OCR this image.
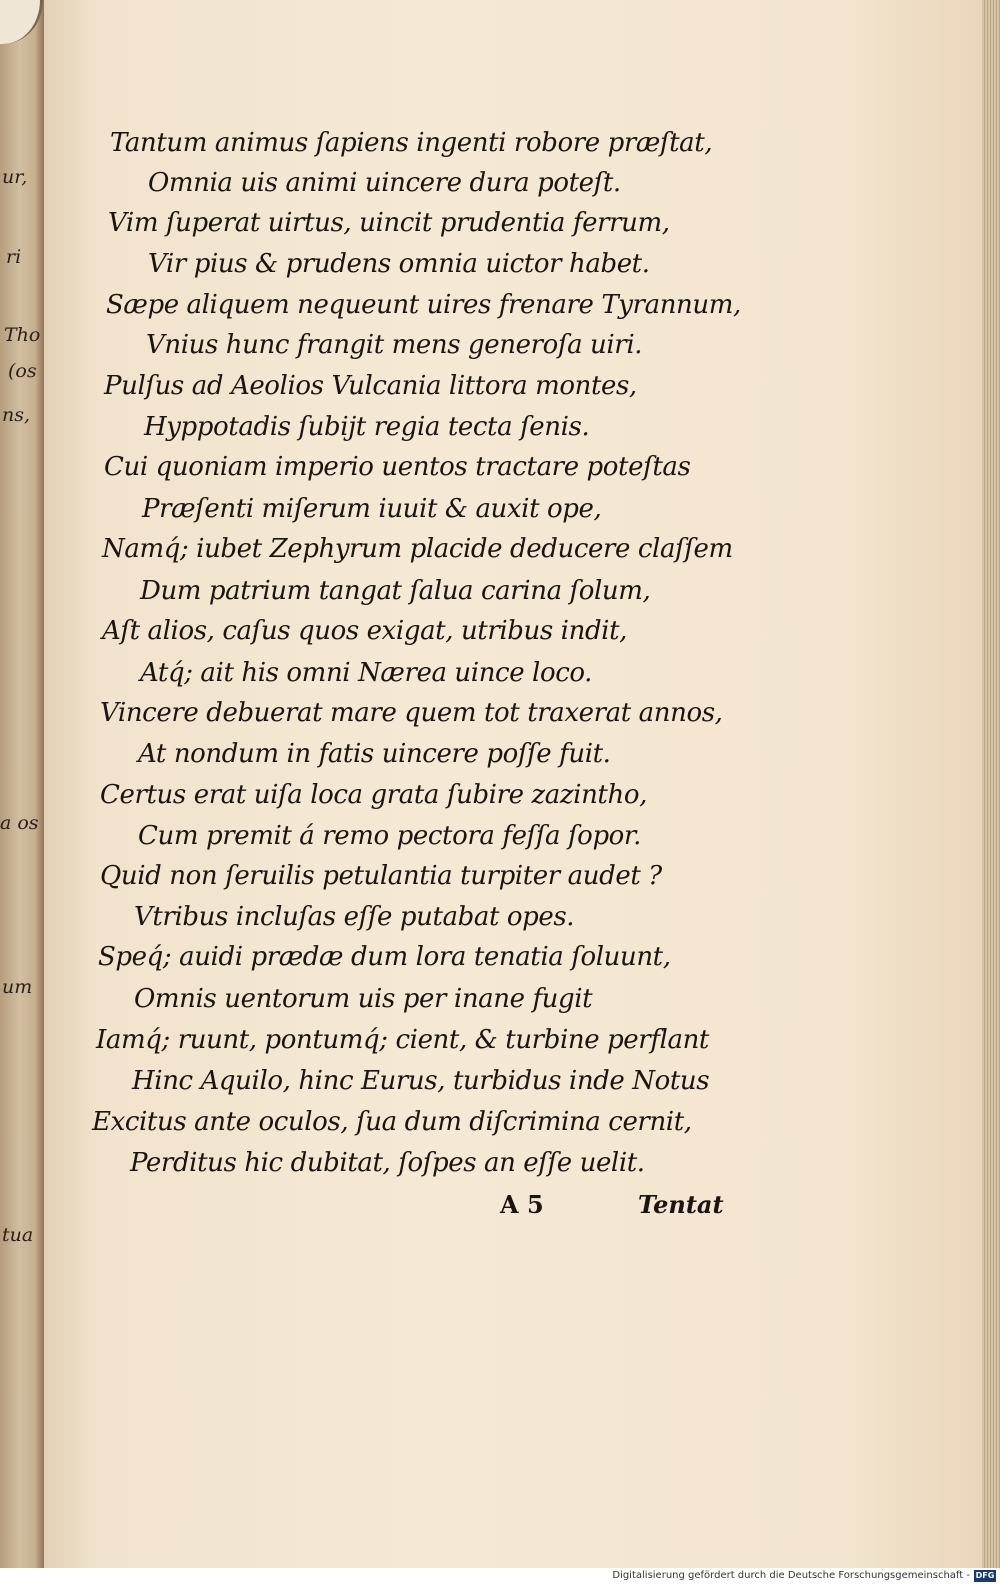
ur,
ri
Tho
(os
ns,
a os
um
tua
Tantum animus ſapiens ingenti robore præſtat,
Omnia uis animi uincere dura poteſt.
Vim ſuperat uirtus, uincit prudentia ferrum,
Vir pius & prudens omnia uictor habet.
Sæpe aliquem nequeunt uires frenare Tyrannum,
Vnius hunc frangit mens generoſa uiri.
Pulſus ad Aeolios Vulcania littora montes,
Hyppotadis ſubijt regia tecta ſenis.
Cui quoniam imperio uentos tractare poteſtas
Præſenti miſerum iuuit & auxit ope,
Namq́; iubet Zephyrum placide deducere claſſem
Dum patrium tangat ſalua carina ſolum,
Aſt alios, caſus quos exigat, utribus indit,
Atq́; ait his omni Nærea uince loco.
Vincere debuerat mare quem tot traxerat annos,
At nondum in fatis uincere poſſe fuit.
Certus erat uiſa loca grata ſubire zazintho,
Cum premit á remo pectora feſſa ſopor.
Quid non ſeruilis petulantia turpiter audet ?
Vtribus incluſas eſſe putabat opes.
Speq́; auidi prædæ dum lora tenatia ſoluunt,
Omnis uentorum uis per inane fugit
Iamq́; ruunt, pontumq́; cient, & turbine perflant
Hinc Aquilo, hinc Eurus, turbidus inde Notus
Excitus ante oculos, ſua dum diſcrimina cernit,
Perditus hic dubitat, ſoſpes an eſſe uelit.
A 5	Tentat
Digitalisierung gefördert durch die Deutsche Forschungsgemeinschaft - DFG
